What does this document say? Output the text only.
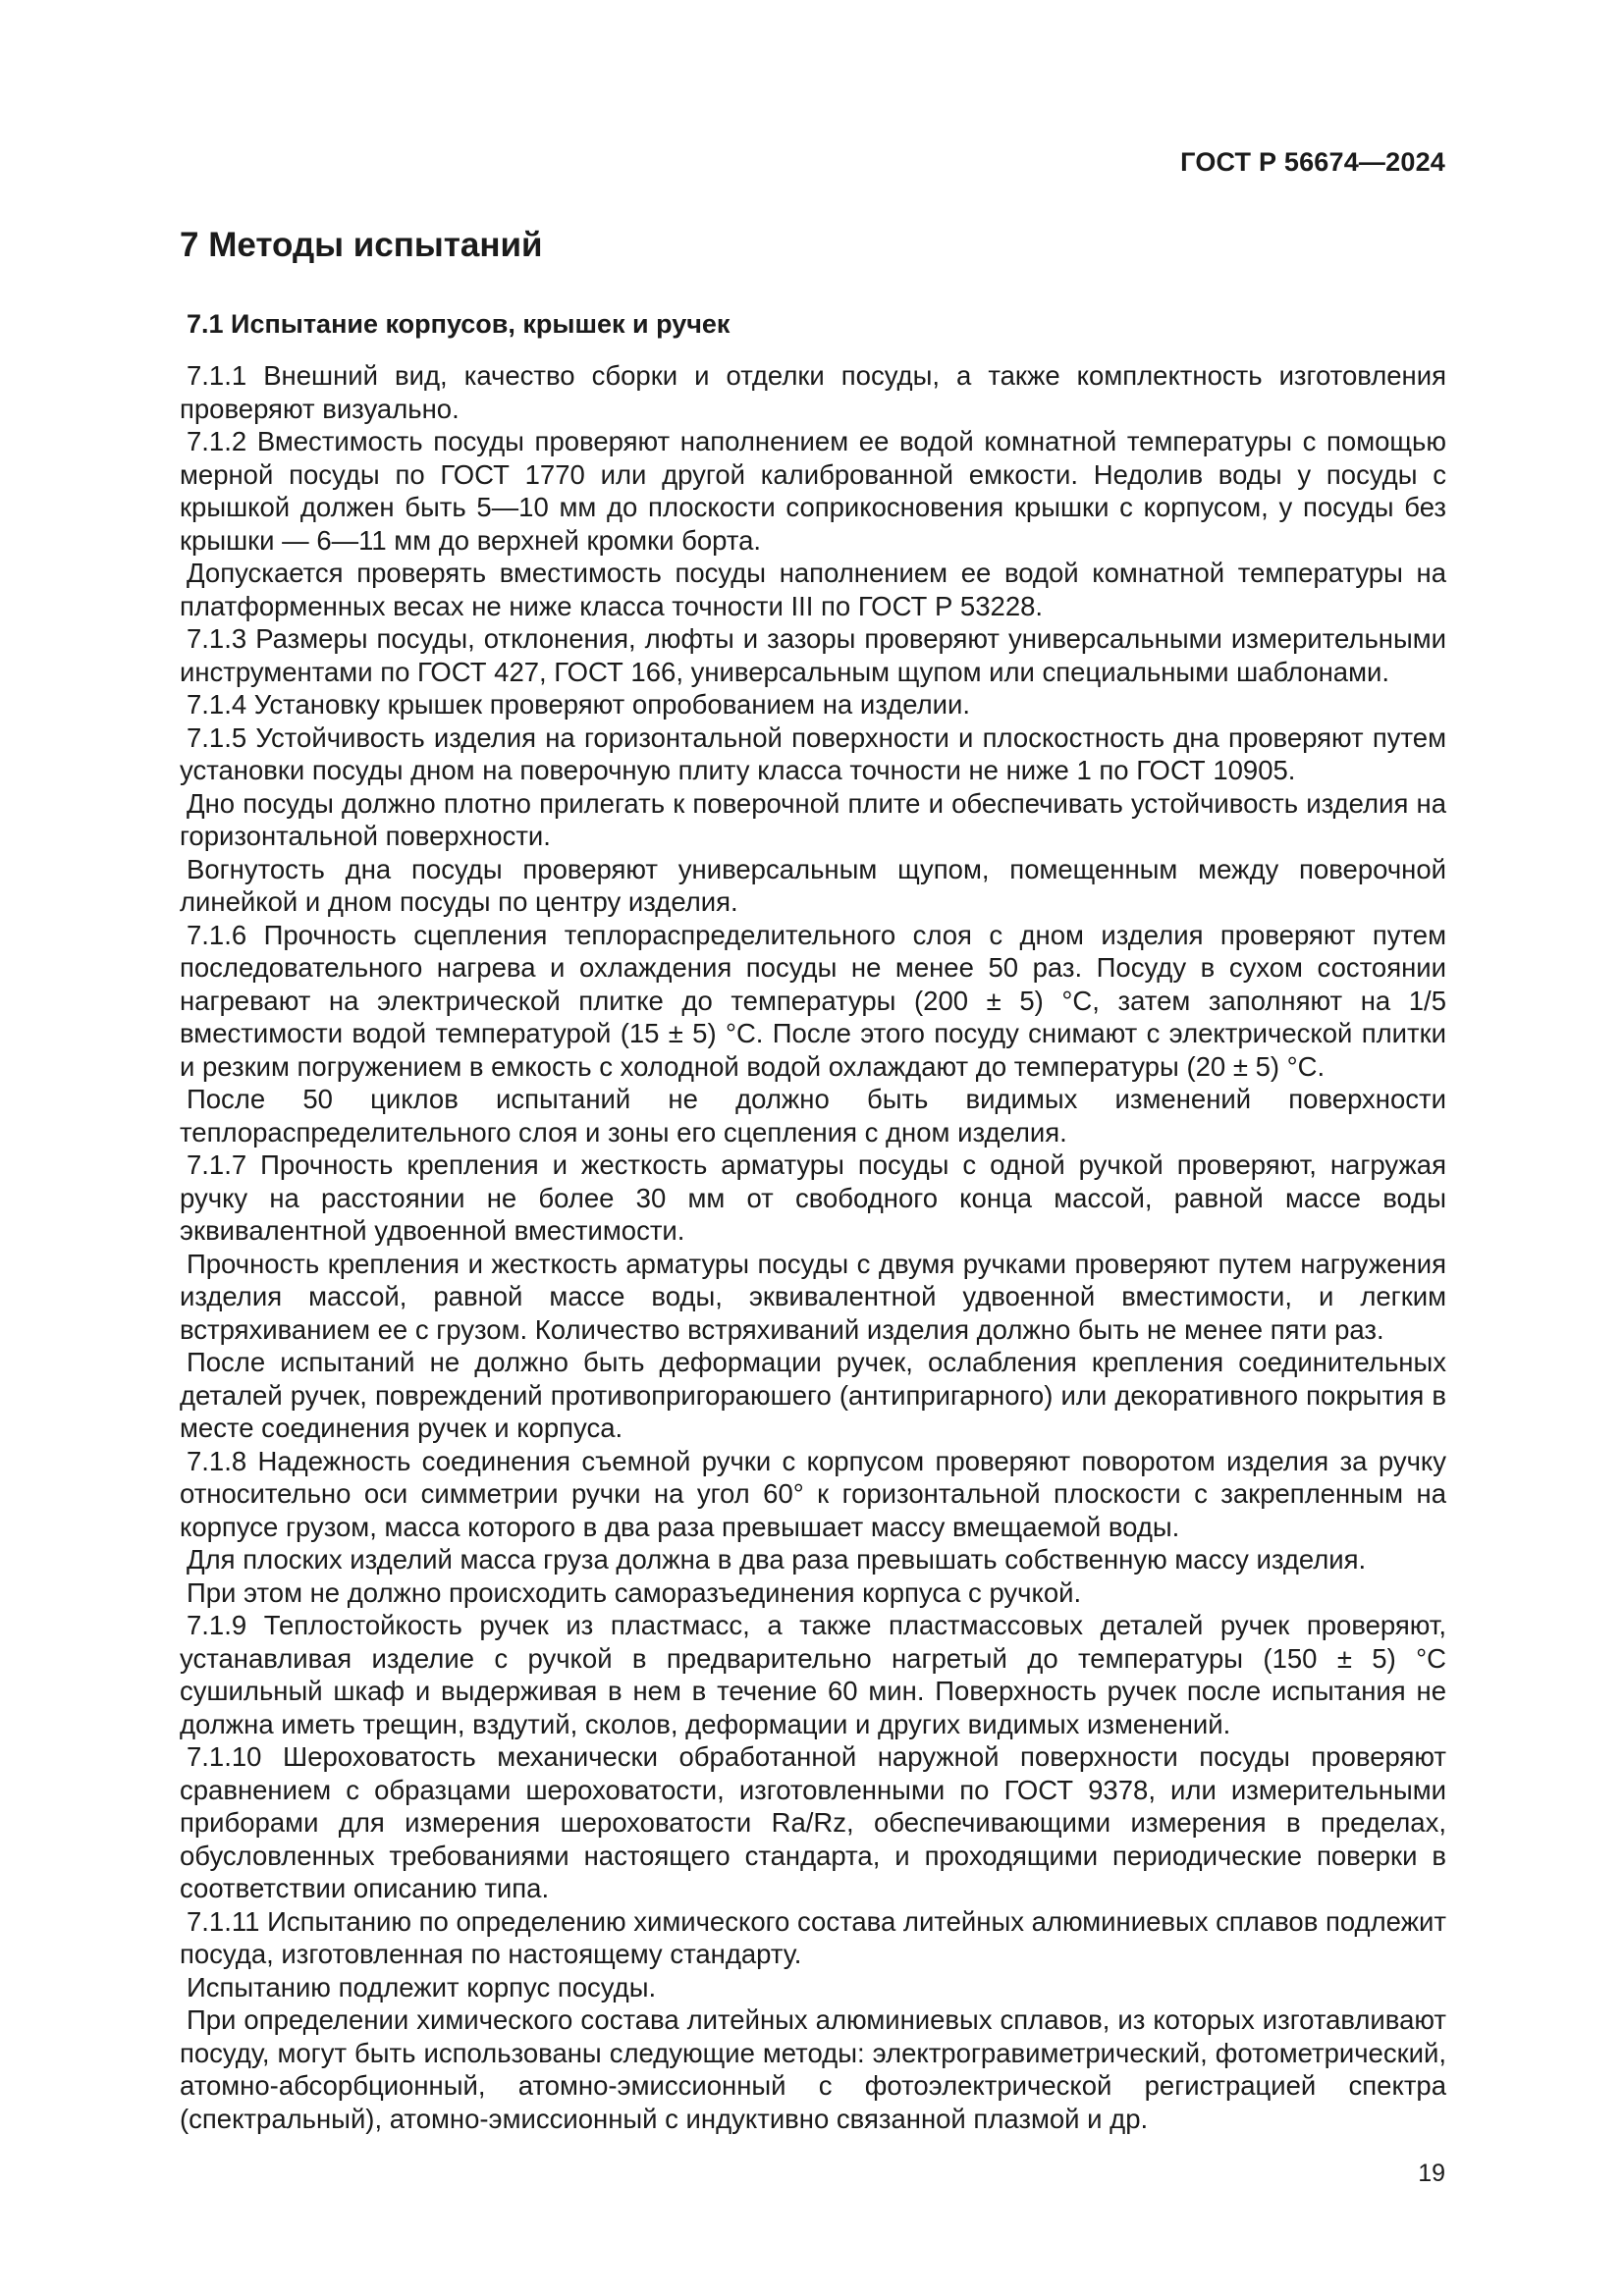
ГОСТ Р 56674—2024
7 Методы испытаний
7.1 Испытание корпусов, крышек и ручек

7.1.1 Внешний вид, качество сборки и отделки посуды, а также комплектность изготовления проверяют визуально.

7.1.2 Вместимость посуды проверяют наполнением ее водой комнатной температуры с помощью мерной посуды по ГОСТ 1770 или другой калиброванной емкости. Недолив воды у посуды с крышкой должен быть 5—10 мм до плоскости соприкосновения крышки с корпусом, у посуды без крышки — 6—11 мм до верхней кромки борта.

Допускается проверять вместимость посуды наполнением ее водой комнатной температуры на платформенных весах не ниже класса точности III по ГОСТ Р 53228.

7.1.3 Размеры посуды, отклонения, люфты и зазоры проверяют универсальными измерительными инструментами по ГОСТ 427, ГОСТ 166, универсальным щупом или специальными шаблонами.

7.1.4 Установку крышек проверяют опробованием на изделии.

7.1.5 Устойчивость изделия на горизонтальной поверхности и плоскостность дна проверяют путем установки посуды дном на поверочную плиту класса точности не ниже 1 по ГОСТ 10905.

Дно посуды должно плотно прилегать к поверочной плите и обеспечивать устойчивость изделия на горизонтальной поверхности.

Вогнутость дна посуды проверяют универсальным щупом, помещенным между поверочной линейкой и дном посуды по центру изделия.

7.1.6 Прочность сцепления теплораспределительного слоя с дном изделия проверяют путем последовательного нагрева и охлаждения посуды не менее 50 раз. Посуду в сухом состоянии нагревают на электрической плитке до температуры (200 ± 5) °С, затем заполняют на 1/5 вместимости водой температурой (15 ± 5) °С. После этого посуду снимают с электрической плитки и резким погружением в емкость с холодной водой охлаждают до температуры (20 ± 5) °С.

После 50 циклов испытаний не должно быть видимых изменений поверхности теплораспределительного слоя и зоны его сцепления с дном изделия.

7.1.7 Прочность крепления и жесткость арматуры посуды с одной ручкой проверяют, нагружая ручку на расстоянии не более 30 мм от свободного конца массой, равной массе воды эквивалентной удвоенной вместимости.

Прочность крепления и жесткость арматуры посуды с двумя ручками проверяют путем нагружения изделия массой, равной массе воды, эквивалентной удвоенной вместимости, и легким встряхиванием ее с грузом. Количество встряхиваний изделия должно быть не менее пяти раз.

После испытаний не должно быть деформации ручек, ослабления крепления соединительных деталей ручек, повреждений противопригораюшего (антипригарного) или декоративного покрытия в месте соединения ручек и корпуса.

7.1.8 Надежность соединения съемной ручки с корпусом проверяют поворотом изделия за ручку относительно оси симметрии ручки на угол 60° к горизонтальной плоскости с закрепленным на корпусе грузом, масса которого в два раза превышает массу вмещаемой воды.

Для плоских изделий масса груза должна в два раза превышать собственную массу изделия.

При этом не должно происходить саморазъединения корпуса с ручкой.

7.1.9 Теплостойкость ручек из пластмасс, а также пластмассовых деталей ручек проверяют, устанавливая изделие с ручкой в предварительно нагретый до температуры (150 ± 5) °С сушильный шкаф и выдерживая в нем в течение 60 мин. Поверхность ручек после испытания не должна иметь трещин, вздутий, сколов, деформации и других видимых изменений.

7.1.10 Шероховатость механически обработанной наружной поверхности посуды проверяют сравнением с образцами шероховатости, изготовленными по ГОСТ 9378, или измерительными приборами для измерения шероховатости Ra/Rz, обеспечивающими измерения в пределах, обусловленных требованиями настоящего стандарта, и проходящими периодические поверки в соответствии описанию типа.

7.1.11 Испытанию по определению химического состава литейных алюминиевых сплавов подлежит посуда, изготовленная по настоящему стандарту.

Испытанию подлежит корпус посуды.

При определении химического состава литейных алюминиевых сплавов, из которых изготавливают посуду, могут быть использованы следующие методы: электрогравиметрический, фотометрический, атомно-абсорбционный, атомно-эмиссионный с фотоэлектрической регистрацией спектра (спектральный), атомно-эмиссионный с индуктивно связанной плазмой и др.

19
